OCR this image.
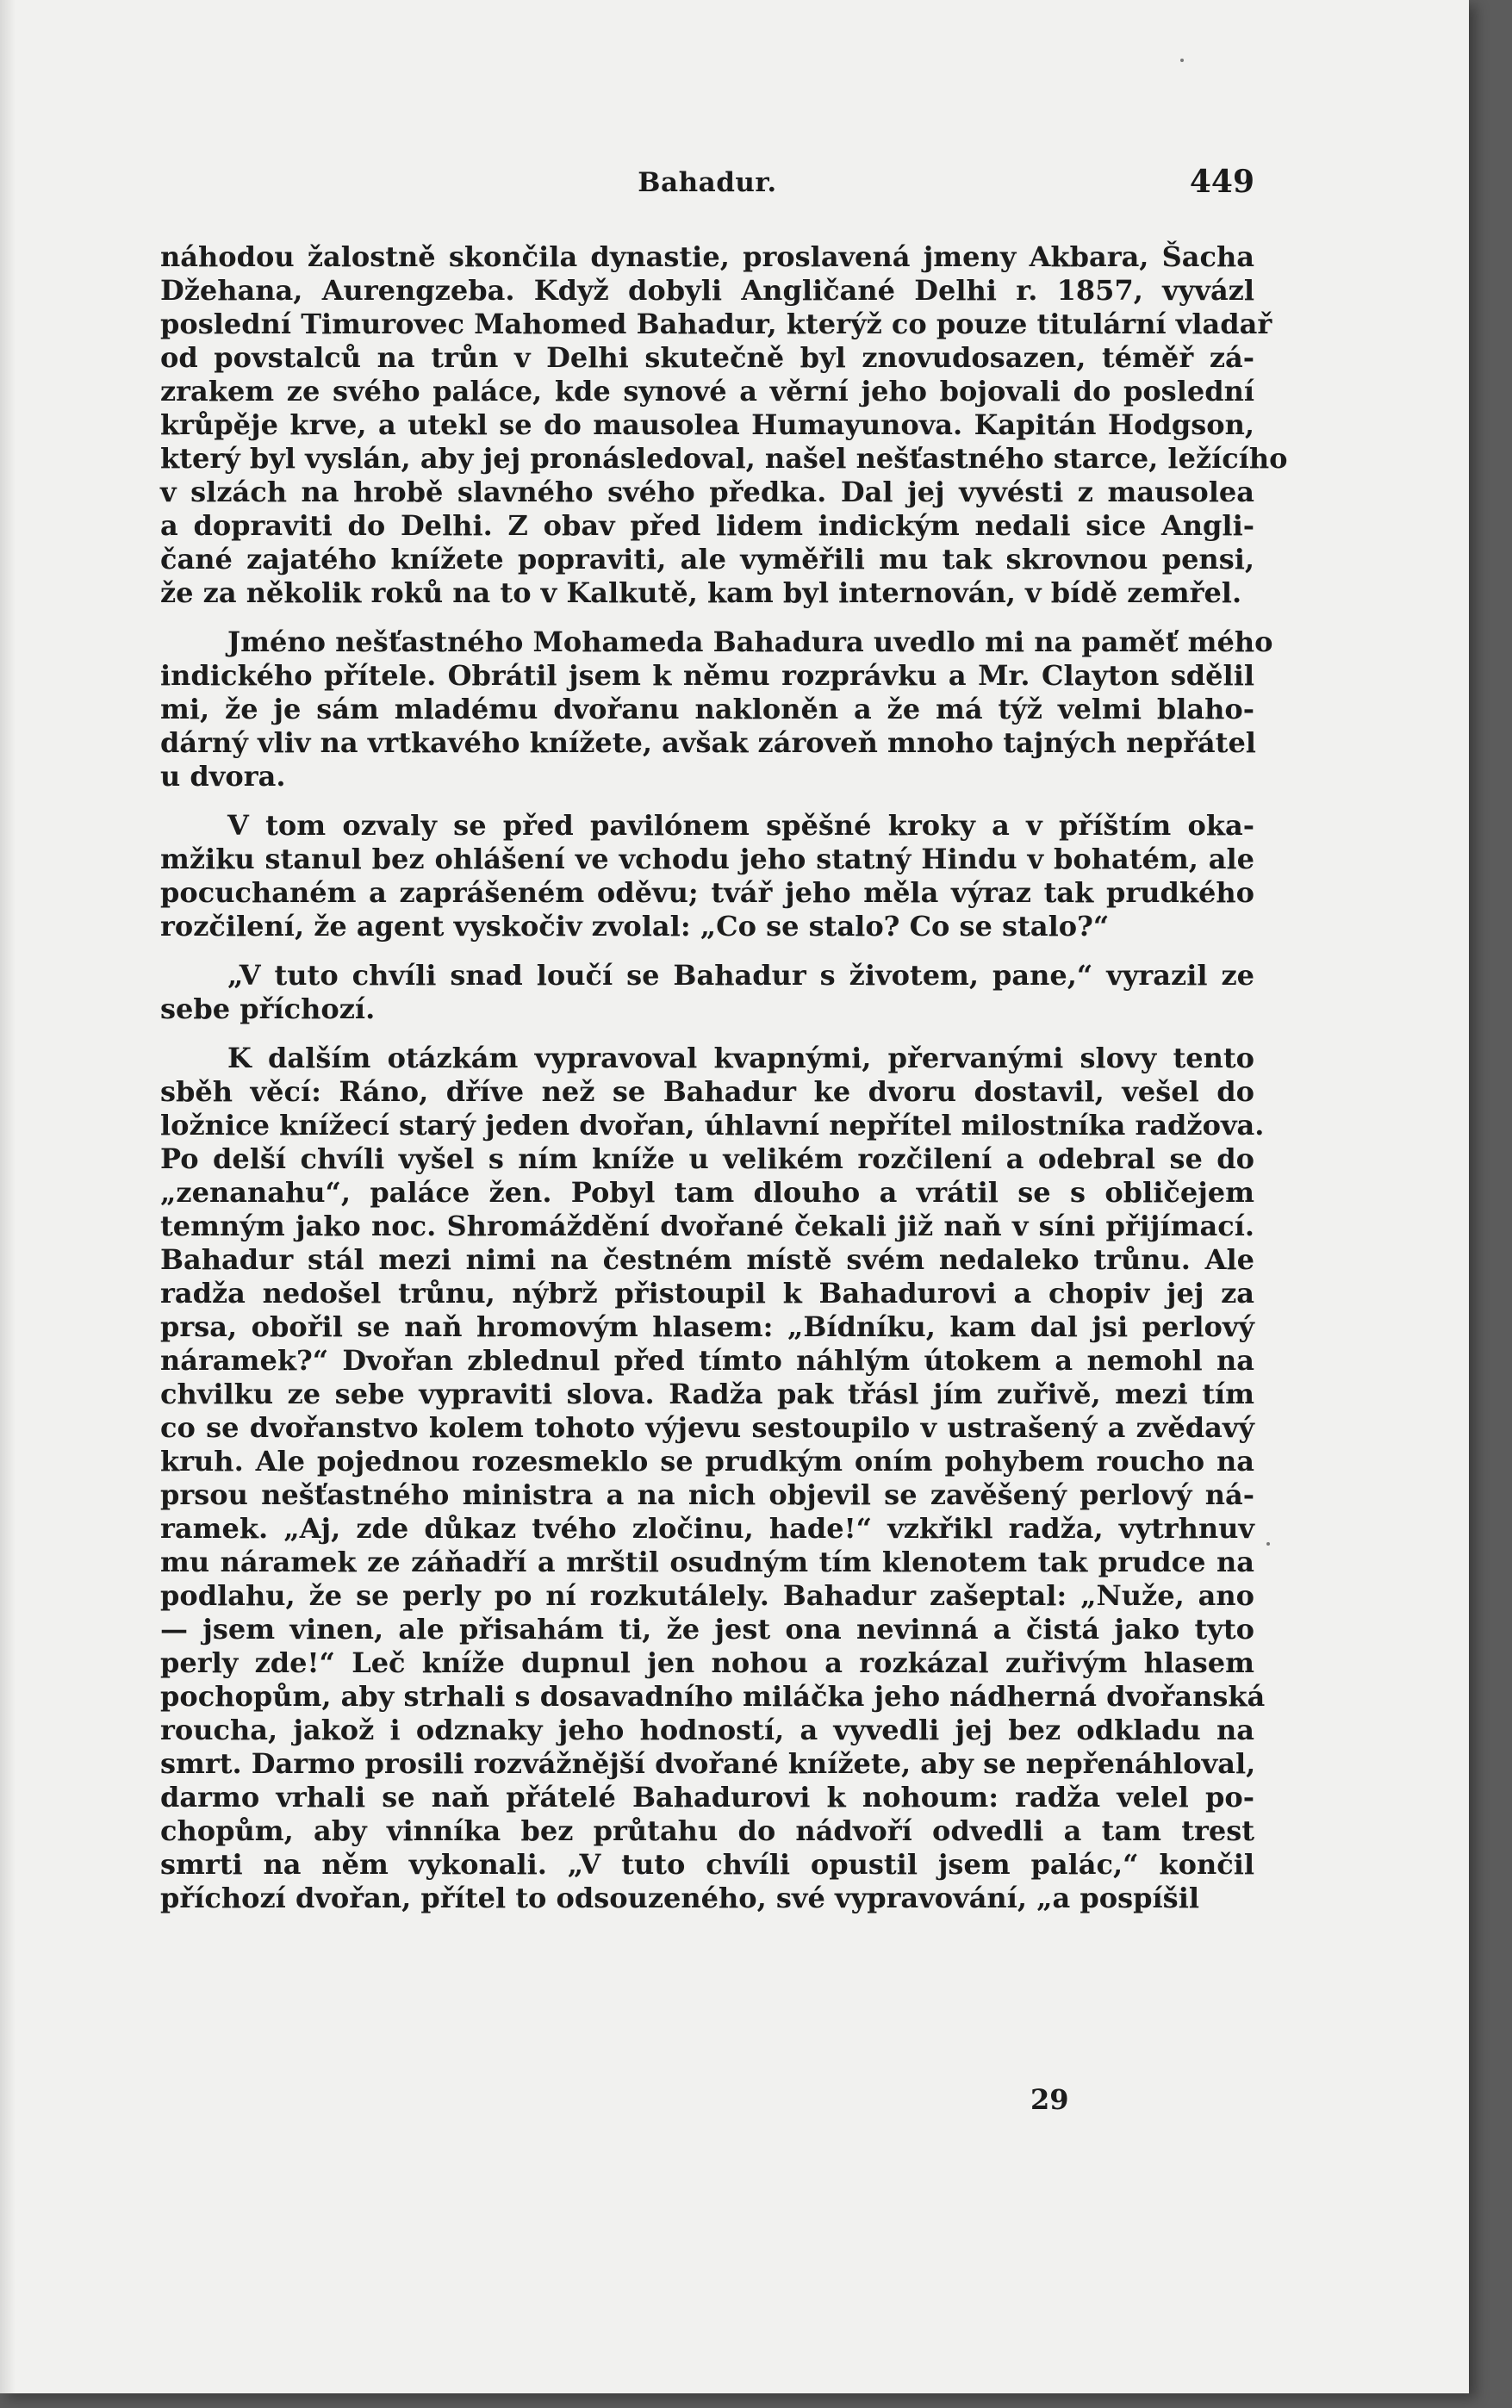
Bahadur.	449
náhodou žalostně skončila dynastie, proslavená jmeny Akbara, Šacha
Džehana, Aurengzeba. Když dobyli Angličané Delhi r. 1857, vyvázl
poslední Timurovec Mahomed Bahadur, kterýž co pouze titulární vladař
od povstalců na trůn v Delhi skutečně byl znovudosazen, téměř zá-
zrakem ze svého paláce, kde synové a věrní jeho bojovali do poslední
krůpěje krve, a utekl se do mausolea Humayunova. Kapitán Hodgson,
který byl vyslán, aby jej pronásledoval, našel nešťastného starce, ležícího
v slzách na hrobě slavného svého předka. Dal jej vyvésti z mausolea
a dopraviti do Delhi. Z obav před lidem indickým nedali sice Angli-
čané zajatého knížete popraviti, ale vyměřili mu tak skrovnou pensi,
že za několik roků na to v Kalkutě, kam byl internován, v bídě zemřel.
Jméno nešťastného Mohameda Bahadura uvedlo mi na paměť mého
indického přítele. Obrátil jsem k němu rozprávku a Mr. Clayton sdělil
mi, že je sám mladému dvořanu nakloněn a že má týž velmi blaho-
dárný vliv na vrtkavého knížete, avšak zároveň mnoho tajných nepřátel
u dvora.
V tom ozvaly se před pavilónem spěšné kroky a v příštím oka-
mžiku stanul bez ohlášení ve vchodu jeho statný Hindu v bohatém, ale
pocuchaném a zaprášeném oděvu; tvář jeho měla výraz tak prudkého
rozčilení, že agent vyskočiv zvolal: „Co se stalo? Co se stalo?“
„V tuto chvíli snad loučí se Bahadur s životem, pane,“ vyrazil ze
sebe příchozí.
K dalším otázkám vypravoval kvapnými, přervanými slovy tento
sběh věcí: Ráno, dříve než se Bahadur ke dvoru dostavil, vešel do
ložnice knížecí starý jeden dvořan, úhlavní nepřítel milostníka radžova.
Po delší chvíli vyšel s ním kníže u velikém rozčilení a odebral se do
„zenanahu“, paláce žen. Pobyl tam dlouho a vrátil se s obličejem
temným jako noc. Shromáždění dvořané čekali již naň v síni přijímací.
Bahadur stál mezi nimi na čestném místě svém nedaleko trůnu. Ale
radža nedošel trůnu, nýbrž přistoupil k Bahadurovi a chopiv jej za
prsa, obořil se naň hromovým hlasem: „Bídníku, kam dal jsi perlový
náramek?“ Dvořan zblednul před tímto náhlým útokem a nemohl na
chvilku ze sebe vypraviti slova. Radža pak třásl jím zuřivě, mezi tím
co se dvořanstvo kolem tohoto výjevu sestoupilo v ustrašený a zvědavý
kruh. Ale pojednou rozesmeklo se prudkým oním pohybem roucho na
prsou nešťastného ministra a na nich objevil se zavěšený perlový ná-
ramek. „Aj, zde důkaz tvého zločinu, hade!“ vzkřikl radža, vytrhnuv
mu náramek ze záňadří a mrštil osudným tím klenotem tak prudce na
podlahu, že se perly po ní rozkutálely. Bahadur zašeptal: „Nuže, ano
— jsem vinen, ale přisahám ti, že jest ona nevinná a čistá jako tyto
perly zde!“ Leč kníže dupnul jen nohou a rozkázal zuřivým hlasem
pochopům, aby strhali s dosavadního miláčka jeho nádherná dvořanská
roucha, jakož i odznaky jeho hodností, a vyvedli jej bez odkladu na
smrt. Darmo prosili rozvážnější dvořané knížete, aby se nepřenáhloval,
darmo vrhali se naň přátelé Bahadurovi k nohoum: radža velel po-
chopům, aby vinníka bez průtahu do nádvoří odvedli a tam trest
smrti na něm vykonali. „V tuto chvíli opustil jsem palác,“ končil
příchozí dvořan, přítel to odsouzeného, své vypravování, „a pospíšil
29
